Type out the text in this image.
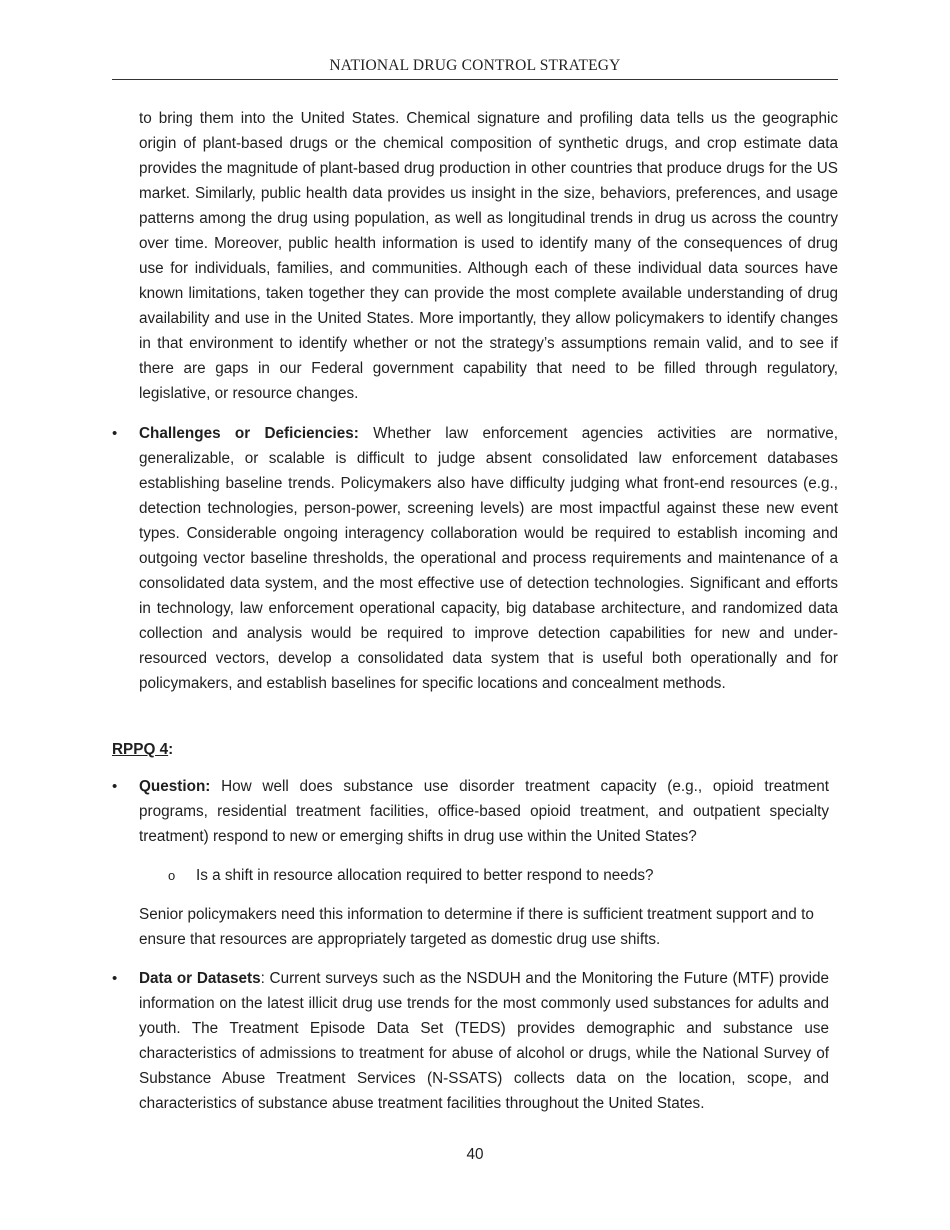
NATIONAL DRUG CONTROL STRATEGY

to bring them into the United States. Chemical signature and profiling data tells us the geographic origin of plant-based drugs or the chemical composition of synthetic drugs, and crop estimate data provides the magnitude of plant-based drug production in other countries that produce drugs for the US market. Similarly, public health data provides us insight in the size, behaviors, preferences, and usage patterns among the drug using population, as well as longitudinal trends in drug us across the country over time. Moreover, public health information is used to identify many of the consequences of drug use for individuals, families, and communities. Although each of these individual data sources have known limitations, taken together they can provide the most complete available understanding of drug availability and use in the United States. More importantly, they allow policymakers to identify changes in that environment to identify whether or not the strategy’s assumptions remain valid, and to see if there are gaps in our Federal government capability that need to be filled through regulatory, legislative, or resource changes.

•	Challenges or Deficiencies: Whether law enforcement agencies activities are normative, generalizable, or scalable is difficult to judge absent consolidated law enforcement databases establishing baseline trends. Policymakers also have difficulty judging what front-end resources (e.g., detection technologies, person-power, screening levels) are most impactful against these new event types. Considerable ongoing interagency collaboration would be required to establish incoming and outgoing vector baseline thresholds, the operational and process requirements and maintenance of a consolidated data system, and the most effective use of detection technologies. Significant and efforts in technology, law enforcement operational capacity, big database architecture, and randomized data collection and analysis would be required to improve detection capabilities for new and under-resourced vectors, develop a consolidated data system that is useful both operationally and for policymakers, and establish baselines for specific locations and concealment methods.

RPPQ 4:
•	Question: How well does substance use disorder treatment capacity (e.g., opioid treatment programs, residential treatment facilities, office-based opioid treatment, and outpatient specialty treatment) respond to new or emerging shifts in drug use within the United States?

o Is a shift in resource allocation required to better respond to needs?

Senior policymakers need this information to determine if there is sufficient treatment support and to ensure that resources are appropriately targeted as domestic drug use shifts.

•	Data or Datasets: Current surveys such as the NSDUH and the Monitoring the Future (MTF) provide information on the latest illicit drug use trends for the most commonly used substances for adults and youth. The Treatment Episode Data Set (TEDS) provides demographic and substance use characteristics of admissions to treatment for abuse of alcohol or drugs, while the National Survey of Substance Abuse Treatment Services (N-SSATS) collects data on the location, scope, and characteristics of substance abuse treatment facilities throughout the United States.

40
